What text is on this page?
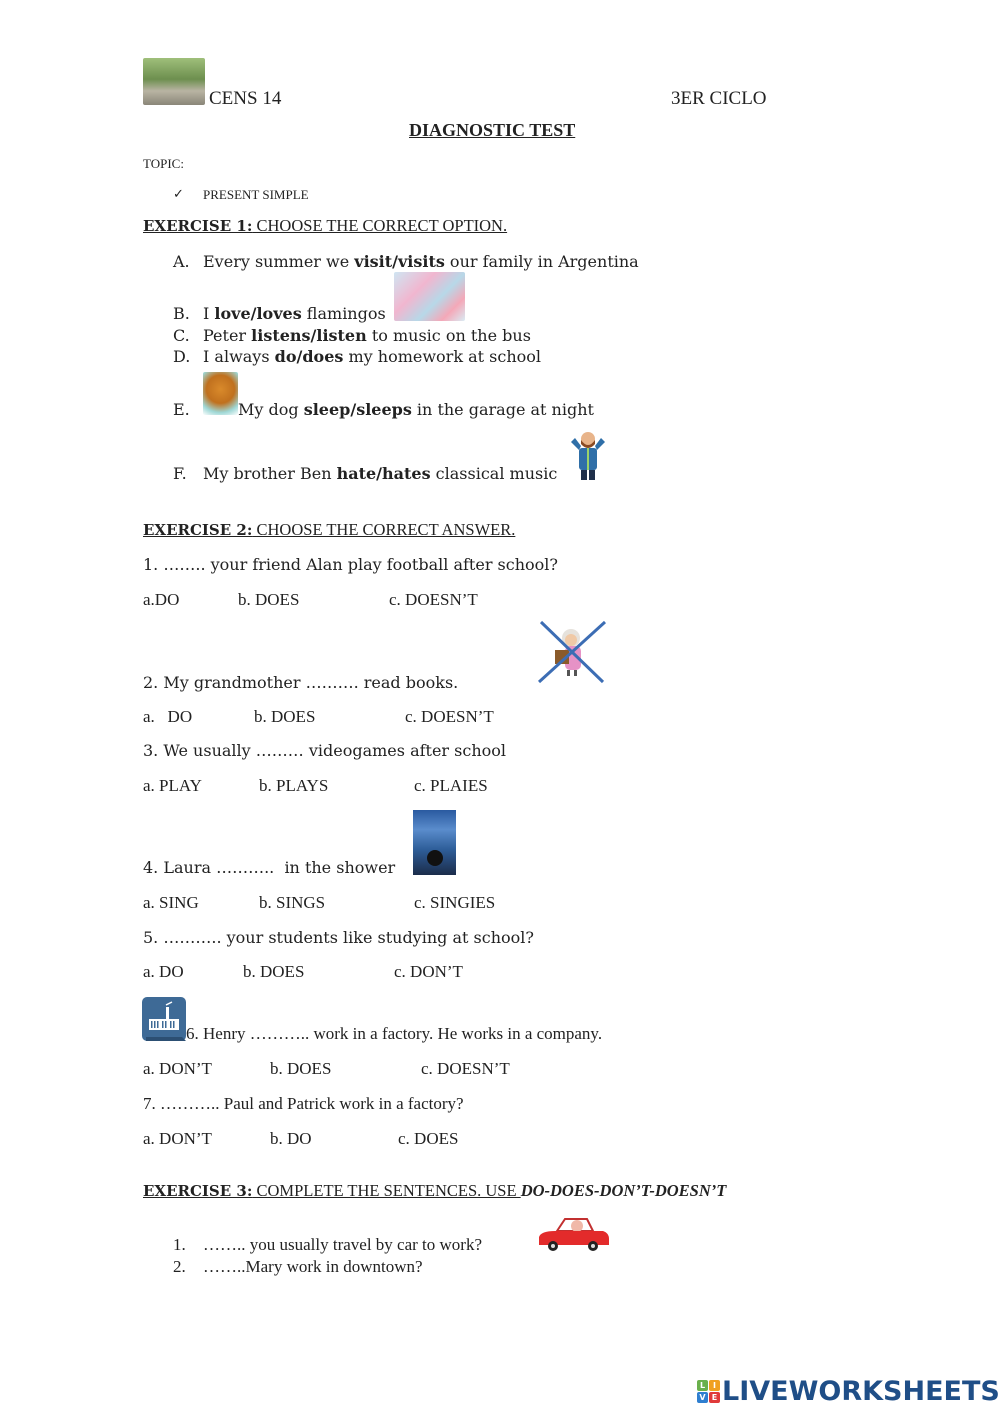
CENS 14	3ER CICLO
DIAGNOSTIC TEST
TOPIC:
✓ PRESENT SIMPLE
EXERCISE 1: CHOOSE THE CORRECT OPTION.
A. Every summer we visit/visits our family in Argentina
B. I love/loves flamingos
C. Peter listens/listen to music on the bus
D. I always do/does my homework at school
E.	My dog sleep/sleeps in the garage at night
F. My brother Ben hate/hates classical music
EXERCISE 2: CHOOSE THE CORRECT ANSWER.
1. …….. your friend Alan play football after school?
a.DO	b. DOES	c. DOESN’T
2. My grandmother ………. read books.
a.   DO	b. DOES	c. DOESN’T
3. We usually ……… videogames after school
a. PLAY	b. PLAYS	c. PLAIES
4. Laura ………..  in the shower
a. SING	b. SINGS	c. SINGIES
5. ……….. your students like studying at school?
a. DO	b. DOES	c. DON’T
6. Henry ……….. work in a factory. He works in a company.
a. DON’T	b. DOES	c. DOESN’T
7. ……….. Paul and Patrick work in a factory?
a. DON’T	b. DO	c. DOES
EXERCISE 3: COMPLETE THE SENTENCES. USE DO-DOES-DON’T-DOESN’T
1. …….. you usually travel by car to work?
2. ……..Mary work in downtown?
L I
V E LIVEWORKSHEETS
